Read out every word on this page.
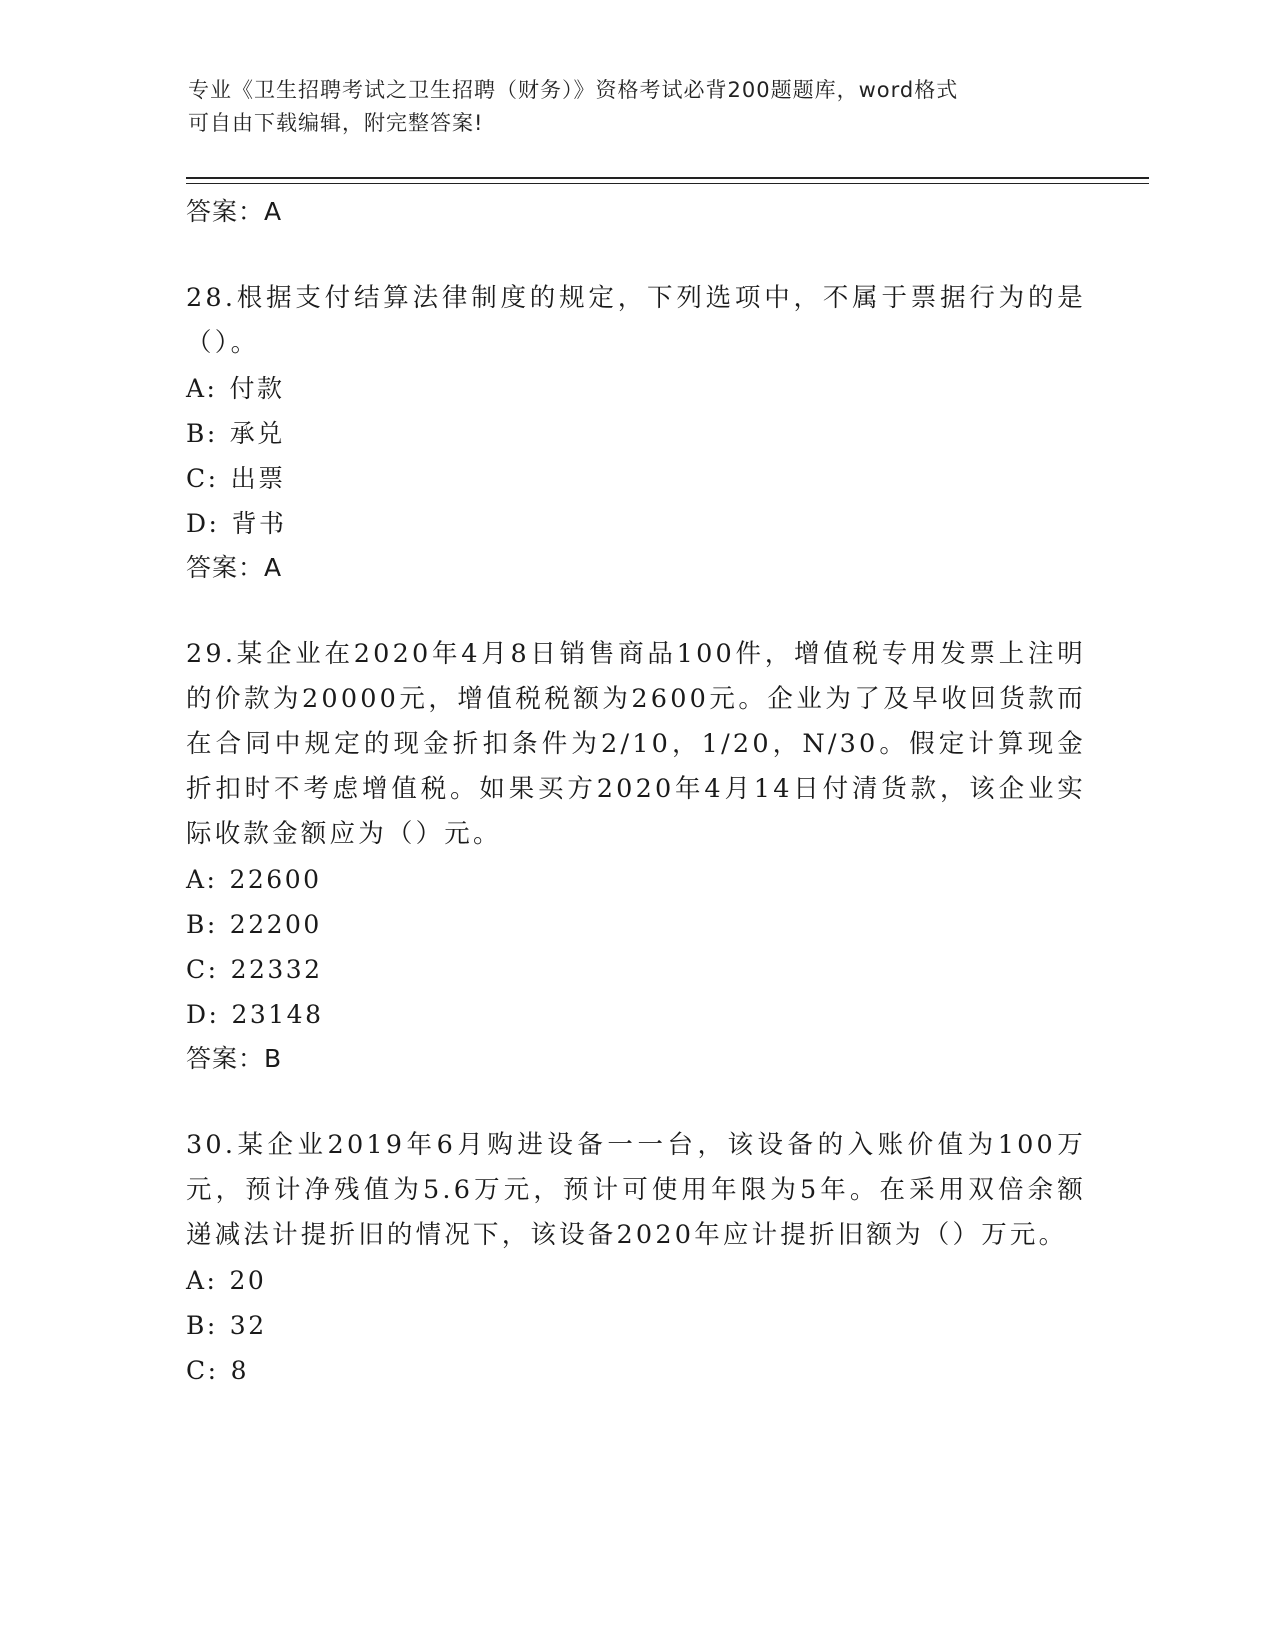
专业《卫生招聘考试之卫生招聘（财务）》资格考试必背200题题库，word格式
可自由下载编辑，附完整答案!
答案：A
28.根据支付结算法律制度的规定，下列选项中，不属于票据行为的是（）。
A: 付款
B: 承兑
C: 出票
D: 背书
答案：A
29.某企业在2020年4月8日销售商品100件，增值税专用发票上注明的价款为20000元，增值税税额为2600元。企业为了及早收回货款而在合同中规定的现金折扣条件为2/10，1/20，N/30。假定计算现金折扣时不考虑增值税。如果买方2020年4月14日付清货款，该企业实际收款金额应为（）元。
A: 22600
B: 22200
C: 22332
D: 23148
答案：B
30.某企业2019年6月购进设备一一台，该设备的入账价值为100万元，预计净残值为5.6万元，预计可使用年限为5年。在采用双倍余额递减法计提折旧的情况下，该设备2020年应计提折旧额为（）万元。
A: 20
B: 32
C: 8
